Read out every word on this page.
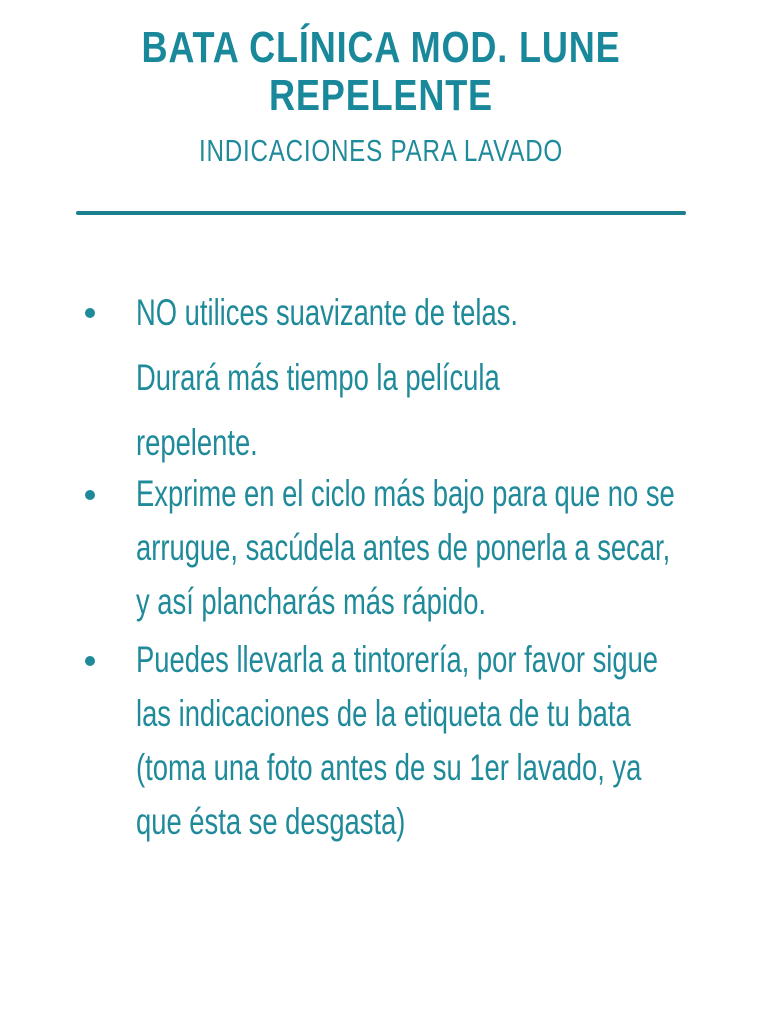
BATA CLÍNICA MOD. LUNE
REPELENTE
INDICACIONES PARA LAVADO
NO utilices suavizante de telas. Durará más tiempo la película repelente.
Exprime en el ciclo más bajo para que no se arrugue, sacúdela antes de ponerla a secar, y así plancharás más rápido.
Puedes llevarla a tintorería, por favor sigue las indicaciones de la etiqueta de tu bata (toma una foto antes de su 1er lavado, ya que ésta se desgasta)
